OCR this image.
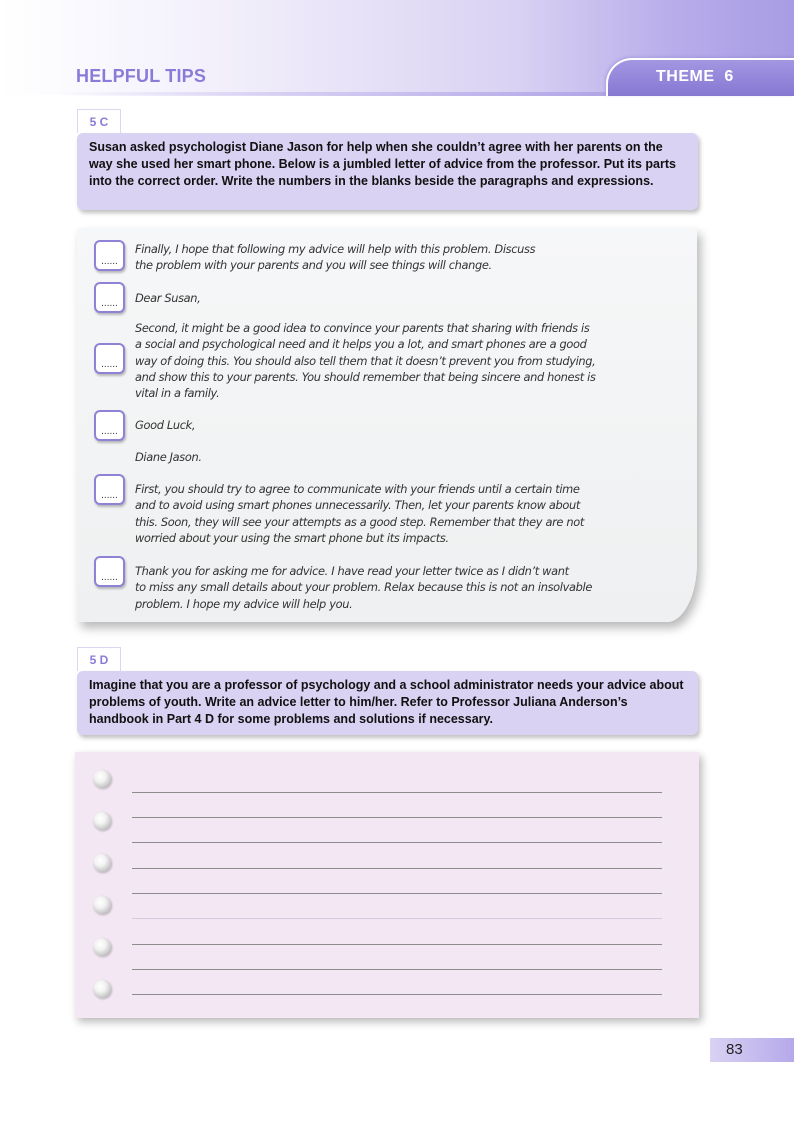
HELPFUL TIPS	THEME  6
5 C
Susan asked psychologist Diane Jason for help when she couldn’t agree with her parents on the way she used her smart phone. Below is a jumbled letter of advice from the professor. Put its parts into the correct order. Write the numbers in the blanks beside the paragraphs and expressions.
......
Finally, I hope that following my advice will help with this problem. Discuss
the problem with your parents and you will see things will change.
......	Dear Susan,
......
Second, it might be a good idea to convince your parents that sharing with friends is
a social and psychological need and it helps you a lot, and smart phones are a good
way of doing this. You should also tell them that it doesn’t prevent you from studying,
and show this to your parents. You should remember that being sincere and honest is
vital in a family.
......	Good Luck,
Diane Jason.
......	First, you should try to agree to communicate with your friends until a certain time
and to avoid using smart phones unnecessarily. Then, let your parents know about
this. Soon, they will see your attempts as a good step. Remember that they are not
worried about your using the smart phone but its impacts.
......	Thank you for asking me for advice. I have read your letter twice as I didn’t want
to miss any small details about your problem. Relax because this is not an insolvable
problem. I hope my advice will help you.
5 D
Imagine that you are a professor of psychology and a school administrator needs your advice about problems of youth. Write an advice letter to him/her. Refer to Professor Juliana Anderson’s handbook in Part 4 D for some problems and solutions if necessary.
83
